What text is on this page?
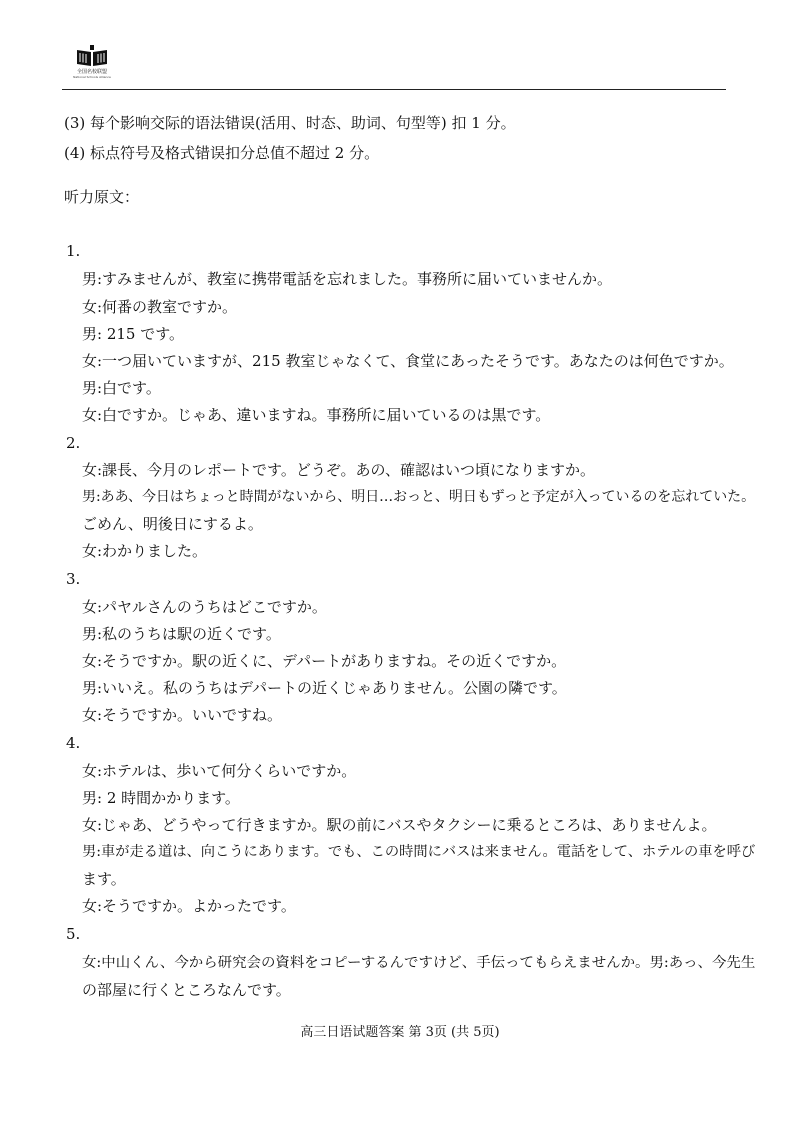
全国名校联盟
National Schools Alliance
(3) 每个影响交际的语法错误(活用、时态、助词、句型等) 扣 1 分。
(4) 标点符号及格式错误扣分总值不超过 2 分。
听力原文：
1.
男:すみませんが、教室に携帯電話を忘れました。事務所に届いていませんか。
女:何番の教室ですか。
男: 215 です。
女:一つ届いていますが、215 教室じゃなくて、食堂にあったそうです。あなたのは何色ですか。
男:白です。
女:白ですか。じゃあ、違いますね。事務所に届いているのは黒です。
2.
女:課長、今月のレポートです。どうぞ。あの、確認はいつ頃になりますか。
男:ああ、今日はちょっと時間がないから、明日…おっと、明日もずっと予定が入っているのを忘れていた。
ごめん、明後日にするよ。
女:わかりました。
3.
女:パヤルさんのうちはどこですか。
男:私のうちは駅の近くです。
女:そうですか。駅の近くに、デパートがありますね。その近くですか。
男:いいえ。私のうちはデパートの近くじゃありません。公園の隣です。
女:そうですか。いいですね。
4.
女:ホテルは、歩いて何分くらいですか。
男: 2 時間かかります。
女:じゃあ、どうやって行きますか。駅の前にバスやタクシーに乗るところは、ありませんよ。
男:車が走る道は、向こうにあります。でも、この時間にバスは来ません。電話をして、ホテルの車を呼び
ます。
女:そうですか。よかったです。
5.
女:中山くん、今から研究会の資料をコピーするんですけど、手伝ってもらえませんか。男:あっ、今先生
の部屋に行くところなんです。
高三日语试题答案 第 3页 (共 5页)
